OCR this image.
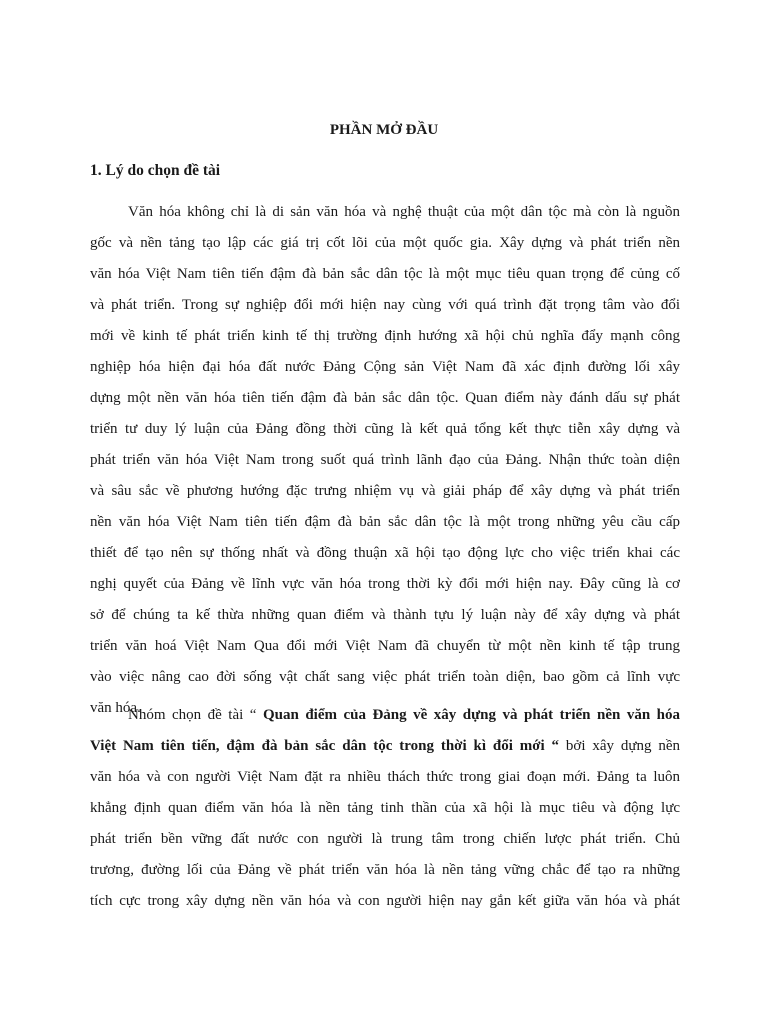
PHẦN MỞ ĐẦU
1. Lý do chọn đề tài
Văn hóa không chỉ là di sản văn hóa và nghệ thuật của một dân tộc mà còn là nguồn
gốc và nền tảng tạo lập các giá trị cốt lõi của một quốc gia. Xây dựng và phát triển nền
văn hóa Việt Nam tiên tiến đậm đà bản sắc dân tộc là một mục tiêu quan trọng để củng cố
và phát triển. Trong sự nghiệp đổi mới hiện nay cùng với quá trình đặt trọng tâm vào đổi
mới về kinh tế phát triển kinh tế thị trường định hướng xã hội chủ nghĩa đẩy mạnh công
nghiệp hóa hiện đại hóa đất nước Đảng Cộng sản Việt Nam đã xác định đường lối xây
dựng một nền văn hóa tiên tiến đậm đà bản sắc dân tộc. Quan điểm này đánh dấu sự phát
triển tư duy lý luận của Đảng đồng thời cũng là kết quả tổng kết thực tiễn xây dựng và
phát triển văn hóa Việt Nam trong suốt quá trình lãnh đạo của Đảng. Nhận thức toàn diện
và sâu sắc về phương hướng đặc trưng nhiệm vụ và giải pháp để xây dựng và phát triển
nền văn hóa Việt Nam tiên tiến đậm đà bản sắc dân tộc là một trong những yêu cầu cấp
thiết để tạo nên sự thống nhất và đồng thuận xã hội tạo động lực cho việc triển khai các
nghị quyết của Đảng về lĩnh vực văn hóa trong thời kỳ đổi mới hiện nay. Đây cũng là cơ
sở để chúng ta kế thừa những quan điểm và thành tựu lý luận này để xây dựng và phát
triển văn hoá Việt Nam Qua đổi mới Việt Nam đã chuyển từ một nền kinh tế tập trung
vào việc nâng cao đời sống vật chất sang việc phát triển toàn diện, bao gồm cả lĩnh vực
văn hóa.
Nhóm chọn đề tài “ Quan điểm của Đảng về xây dựng và phát triển nền văn hóa
Việt Nam tiên tiến, đậm đà bản sắc dân tộc trong thời kì đổi mới “ bởi xây dựng nền
văn hóa và con người Việt Nam đặt ra nhiều thách thức trong giai đoạn mới. Đảng ta luôn
khẳng định quan điểm văn hóa là nền tảng tinh thần của xã hội là mục tiêu và động lực
phát triển bền vững đất nước con người là trung tâm trong chiến lược phát triển. Chủ
trương, đường lối của Đảng về phát triển văn hóa là nền tảng vững chắc để tạo ra những
tích cực trong xây dựng nền văn hóa và con người hiện nay gắn kết giữa văn hóa và phát
